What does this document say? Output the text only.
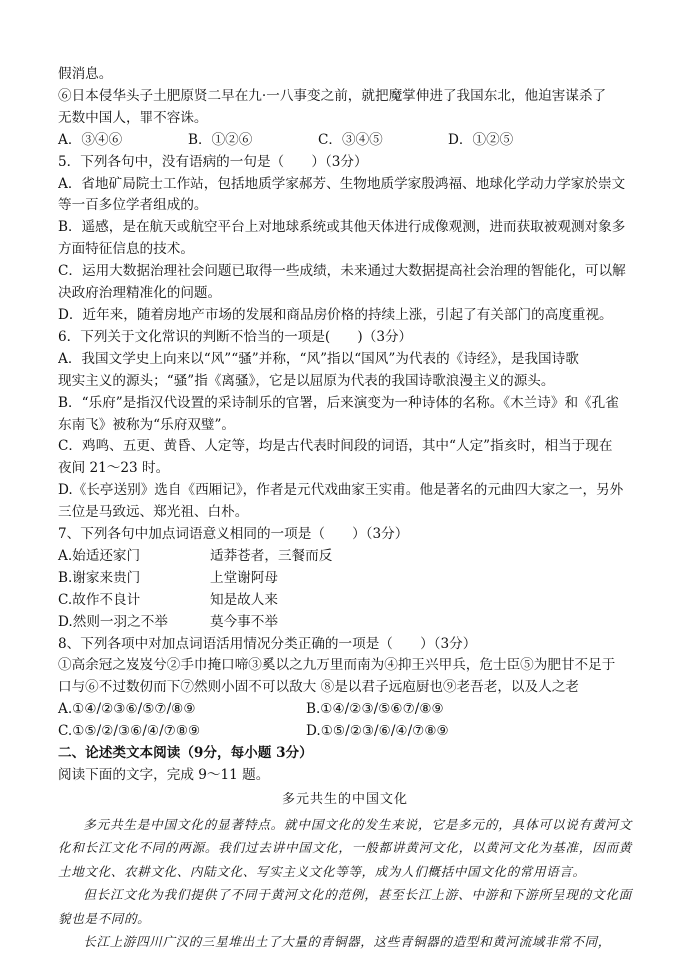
假消息。
⑥日本侵华头子土肥原贤二早在九·一八事变之前，就把魔掌伸进了我国东北，他迫害谋杀了
无数中国人，罪不容诛。
A．③④⑥	B．①②⑥	C．③④⑤	D．①②⑤
5．下列各句中，没有语病的一句是（　　）（3分）
A．省地矿局院士工作站，包括地质学家郝芳、生物地质学家殷鸿福、地球化学动力学家於崇文
等一百多位学者组成的。
B．遥感，是在航天或航空平台上对地球系统或其他天体进行成像观测，进而获取被观测对象多
方面特征信息的技术。
C．运用大数据治理社会问题已取得一些成绩，未来通过大数据提高社会治理的智能化，可以解
决政府治理精准化的问题。
D．近年来，随着房地产市场的发展和商品房价格的持续上涨，引起了有关部门的高度重视。
6．下列关于文化常识的判断不恰当的一项是(　　)（3分）
A．我国文学史上向来以“风”“骚”并称，“风”指以“国风”为代表的《诗经》，是我国诗歌
现实主义的源头；“骚”指《离骚》，它是以屈原为代表的我国诗歌浪漫主义的源头。
B．“乐府”是指汉代设置的采诗制乐的官署，后来演变为一种诗体的名称。《木兰诗》和《孔雀
东南飞》被称为“乐府双璧”。
C．鸡鸣、五更、黄昏、人定等，均是古代表时间段的词语，其中“人定”指亥时，相当于现在
夜间 21～23 时。
D.《长亭送别》选自《西厢记》，作者是元代戏曲家王实甫。他是著名的元曲四大家之一，另外
三位是马致远、郑光祖、白朴。
7、下列各句中加点词语意义相同的一项是（　　）（3分）
A.始适还家门	适莽苍者，三餐而反
B.谢家来贵门	上堂谢阿母
C.故作不良计	知是故人来
D.然则一羽之不举	莫今事不举
8、下列各项中对加点词语活用情况分类正确的一项是（　　）（3分）
①高余冠之岌岌兮②手巾掩口啼③奚以之九万里而南为④抑王兴甲兵，危士臣⑤为肥甘不足于
口与⑥不过数仞而下⑦然则小固不可以敌大 ⑧是以君子远庖厨也⑨老吾老，以及人之老
A.①④/②③⑥/⑤⑦/⑧⑨	B.①④/②③/⑤⑥⑦/⑧⑨
C.①⑤/②/③⑥/④/⑦⑧⑨	D.①⑤/②③/⑥/④/⑦⑧⑨
二、论述类文本阅读（9分，每小题 3分）
阅读下面的文字，完成 9～11 题。
多元共生的中国文化

多元共生是中国文化的显著特点。就中国文化的发生来说，它是多元的，具体可以说有黄河文化和长江文化不同的两源。我们过去讲中国文化，一般都讲黄河文化，以黄河文化为基准，因而黄土地文化、农耕文化、内陆文化、写实主义文化等等，成为人们概括中国文化的常用语言。

但长江文化为我们提供了不同于黄河文化的范例，甚至长江上游、中游和下游所呈现的文化面貌也是不同的。

长江上游四川广汉的三星堆出土了大量的青铜器，这些青铜器的造型和黄河流域非常不同，
